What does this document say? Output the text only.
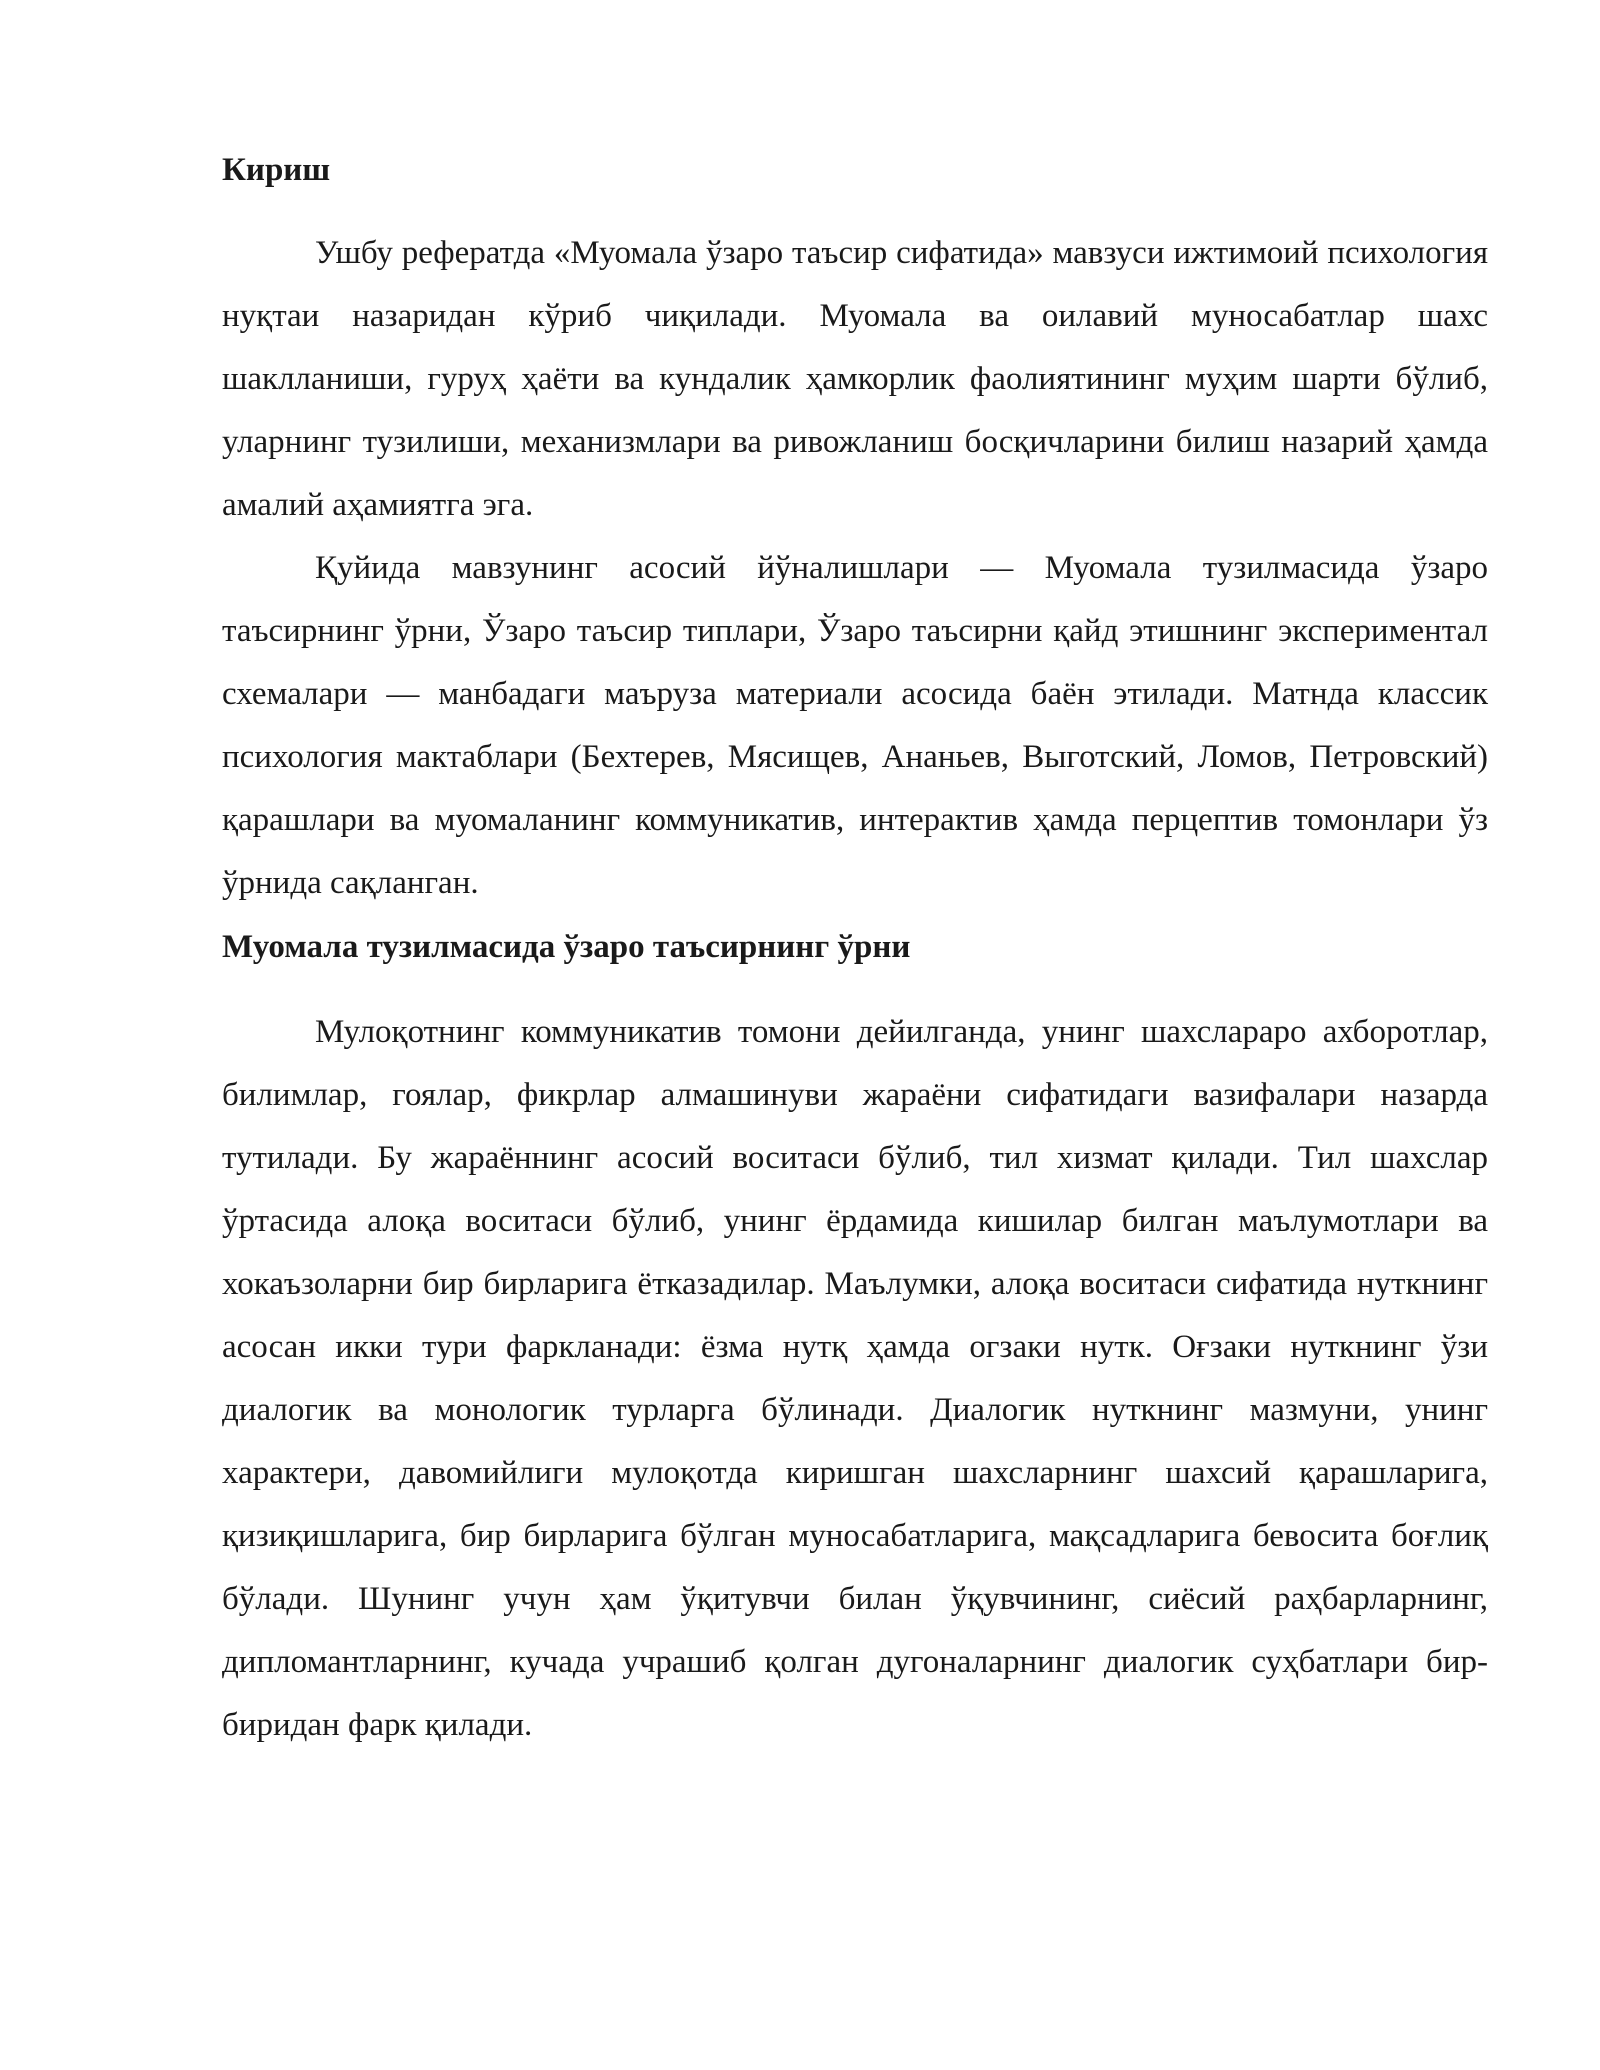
Кириш

Ушбу рефератда «Муомала ўзаро таъсир сифатида» мавзуси ижтимоий психология нуқтаи назаридан кўриб чиқилади. Муомала ва оилавий муносабатлар шахс шаклланиши, гуруҳ ҳаёти ва кундалик ҳамкорлик фаолиятининг муҳим шарти бўлиб, уларнинг тузилиши, механизмлари ва ривожланиш босқичларини билиш назарий ҳамда амалий аҳамиятга эга.

Қуйида мавзунинг асосий йўналишлари — Муомала тузилмасида ўзаро таъсирнинг ўрни, Ўзаро таъсир типлари, Ўзаро таъсирни қайд этишнинг экспериментал схемалари — манбадаги маъруза материали асосида баён этилади. Матнда классик психология мактаблари (Бехтерев, Мясищев, Ананьев, Выготский, Ломов, Петровский) қарашлари ва муомаланинг коммуникатив, интерактив ҳамда перцептив томонлари ўз ўрнида сақланган.

Муомала тузилмасида ўзаро таъсирнинг ўрни

Мулоқотнинг коммуникатив томони дейилганда, унинг шахслараро ахборотлар, билимлар, гоялар, фикрлар алмашинуви жараёни сифатидаги вазифалари назарда тутилади. Бу жараённинг асосий воситаси бўлиб, тил хизмат қилади. Тил шахслар ўртасида алоқа воситаси бўлиб, унинг ёрдамида кишилар билган маълумотлари ва хокаъзоларни бир бирларига ётказадилар. Маълумки, алоқа воситаси сифатида нуткнинг асосан икки тури фаркланади: ёзма нутқ ҳамда огзаки нутк. Оғзаки нуткнинг ўзи диалогик ва монологик турларга бўлинади. Диалогик нуткнинг мазмуни, унинг характери, давомийлиги мулоқотда киришган шахсларнинг шахсий қарашларига, қизиқишларига, бир бирларига бўлган муносабатларига, мақсадларига бевосита боғлиқ бўлади. Шунинг учун ҳам ўқитувчи билан ўқувчининг, сиёсий раҳбарларнинг, дипломантларнинг, кучада учрашиб қолган дугоналарнинг диалогик суҳбатлари бир- биридан фарк қилади.
